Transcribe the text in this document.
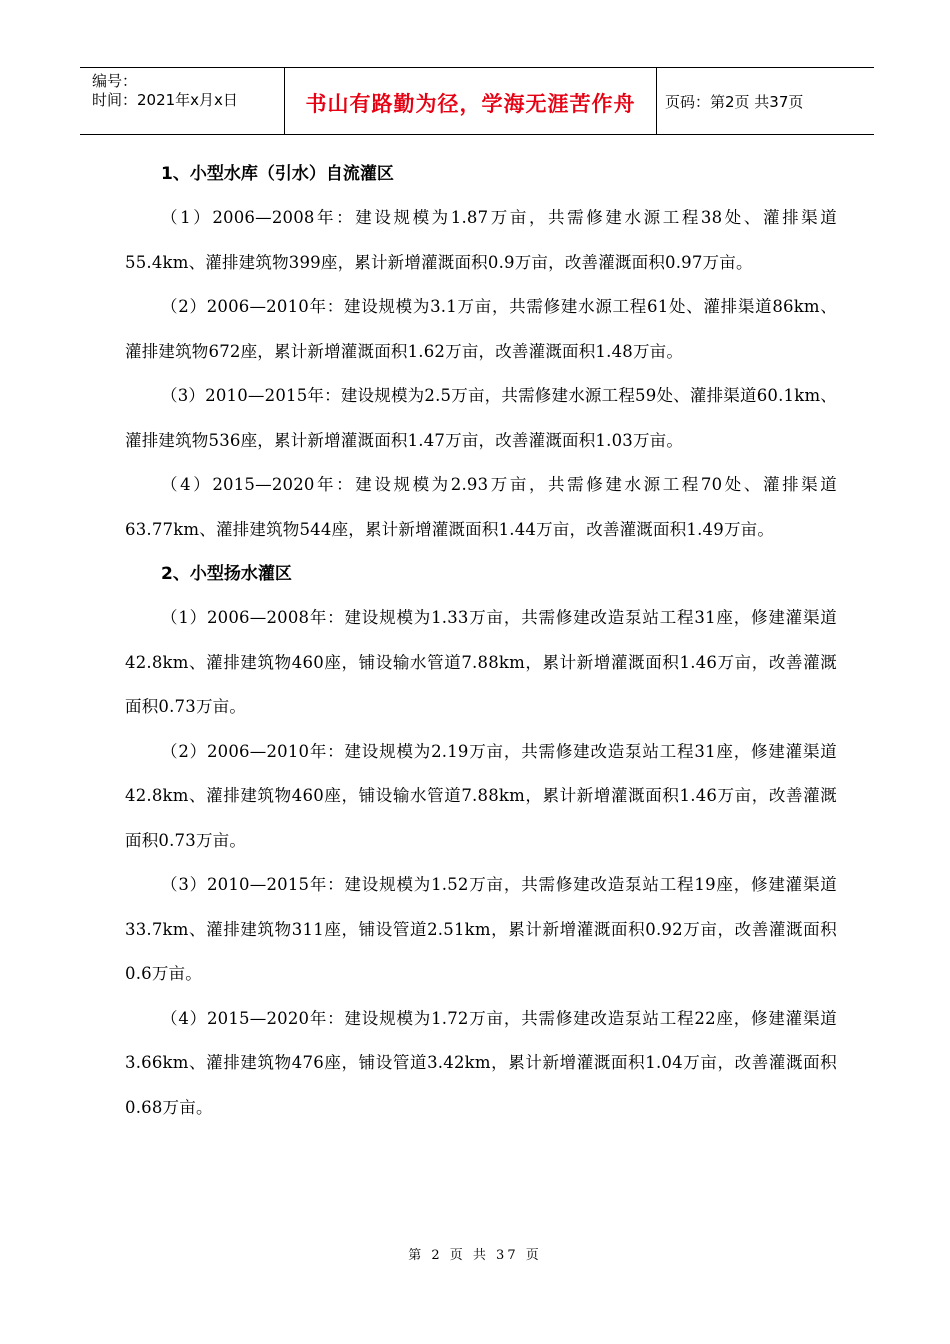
编号：
时间：2021年x月x日	书山有路勤为径，学海无涯苦作舟	页码：第2页 共37页

1、小型水库（引水）自流灌区

（1）2006—2008年：建设规模为1.87万亩，共需修建水源工程38处、灌排渠道55.4km、灌排建筑物399座，累计新增灌溉面积0.9万亩，改善灌溉面积0.97万亩。

（2）2006—2010年：建设规模为3.1万亩，共需修建水源工程61处、灌排渠道86km、灌排建筑物672座，累计新增灌溉面积1.62万亩，改善灌溉面积1.48万亩。

（3）2010—2015年：建设规模为2.5万亩，共需修建水源工程59处、灌排渠道60.1km、灌排建筑物536座，累计新增灌溉面积1.47万亩，改善灌溉面积1.03万亩。

（4）2015—2020年：建设规模为2.93万亩，共需修建水源工程70处、灌排渠道63.77km、灌排建筑物544座，累计新增灌溉面积1.44万亩，改善灌溉面积1.49万亩。

2、小型扬水灌区

（1）2006—2008年：建设规模为1.33万亩，共需修建改造泵站工程31座，修建灌渠道42.8km、灌排建筑物460座，铺设输水管道7.88km，累计新增灌溉面积1.46万亩，改善灌溉面积0.73万亩。

（2）2006—2010年：建设规模为2.19万亩，共需修建改造泵站工程31座，修建灌渠道42.8km、灌排建筑物460座，铺设输水管道7.88km，累计新增灌溉面积1.46万亩，改善灌溉面积0.73万亩。

（3）2010—2015年：建设规模为1.52万亩，共需修建改造泵站工程19座，修建灌渠道33.7km、灌排建筑物311座，铺设管道2.51km，累计新增灌溉面积0.92万亩，改善灌溉面积0.6万亩。

（4）2015—2020年：建设规模为1.72万亩，共需修建改造泵站工程22座，修建灌渠道3.66km、灌排建筑物476座，铺设管道3.42km，累计新增灌溉面积1.04万亩，改善灌溉面积0.68万亩。

第 2 页 共 37 页
